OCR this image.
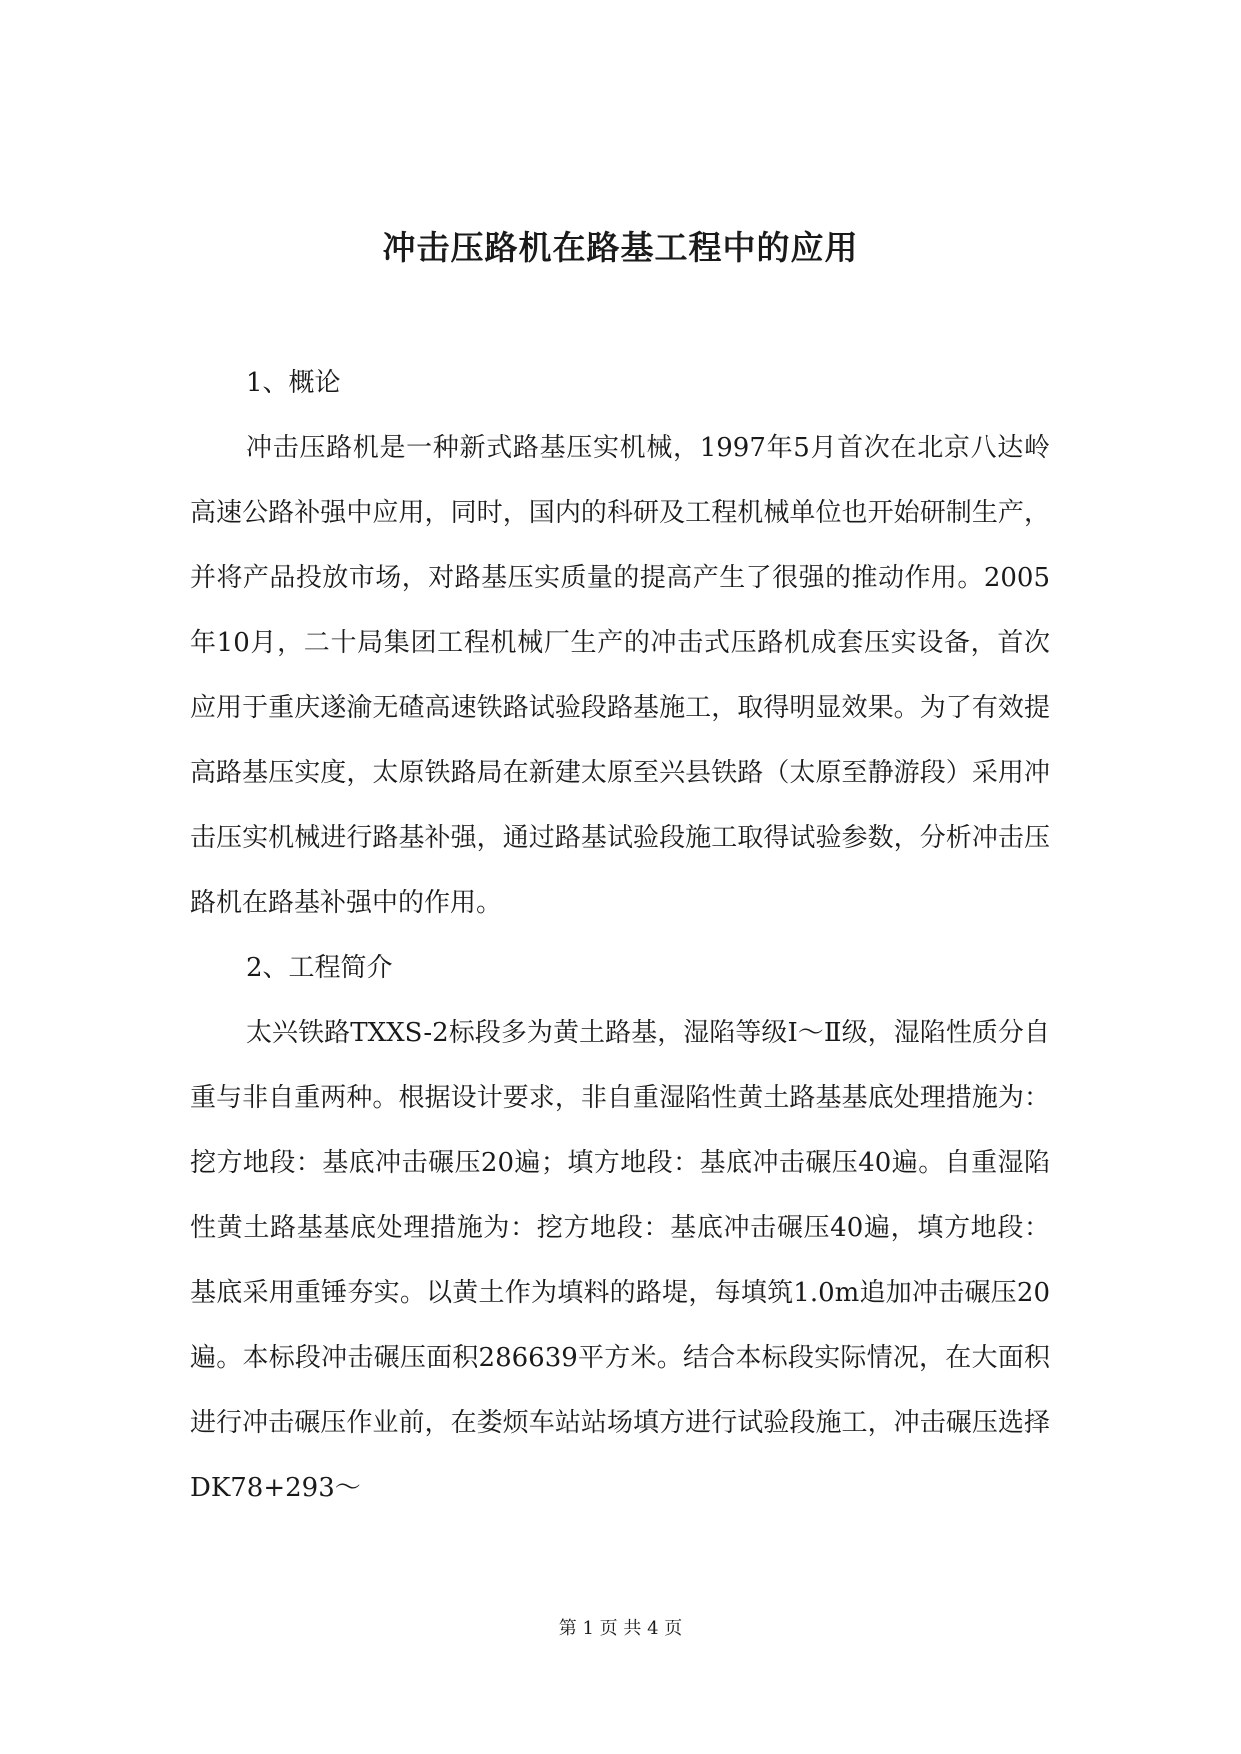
冲击压路机在路基工程中的应用

1、概论

冲击压路机是一种新式路基压实机械，1997年5月首次在北京八达岭高速公路补强中应用，同时，国内的科研及工程机械单位也开始研制生产，并将产品投放市场，对路基压实质量的提高产生了很强的推动作用。2005年10月，二十局集团工程机械厂生产的冲击式压路机成套压实设备，首次应用于重庆遂渝无碴高速铁路试验段路基施工，取得明显效果。为了有效提高路基压实度，太原铁路局在新建太原至兴县铁路（太原至静游段）采用冲击压实机械进行路基补强，通过路基试验段施工取得试验参数，分析冲击压路机在路基补强中的作用。

2、工程简介

太兴铁路TXXS-2标段多为黄土路基，湿陷等级Ⅰ～Ⅱ级，湿陷性质分自重与非自重两种。根据设计要求，非自重湿陷性黄土路基基底处理措施为：挖方地段：基底冲击碾压20遍；填方地段：基底冲击碾压40遍。自重湿陷性黄土路基基底处理措施为：挖方地段：基底冲击碾压40遍，填方地段：基底采用重锤夯实。以黄土作为填料的路堤，每填筑1.0m追加冲击碾压20遍。本标段冲击碾压面积286639平方米。结合本标段实际情况，在大面积进行冲击碾压作业前，在娄烦车站站场填方进行试验段施工，冲击碾压选择DK78+293～

第 1 页 共 4 页
